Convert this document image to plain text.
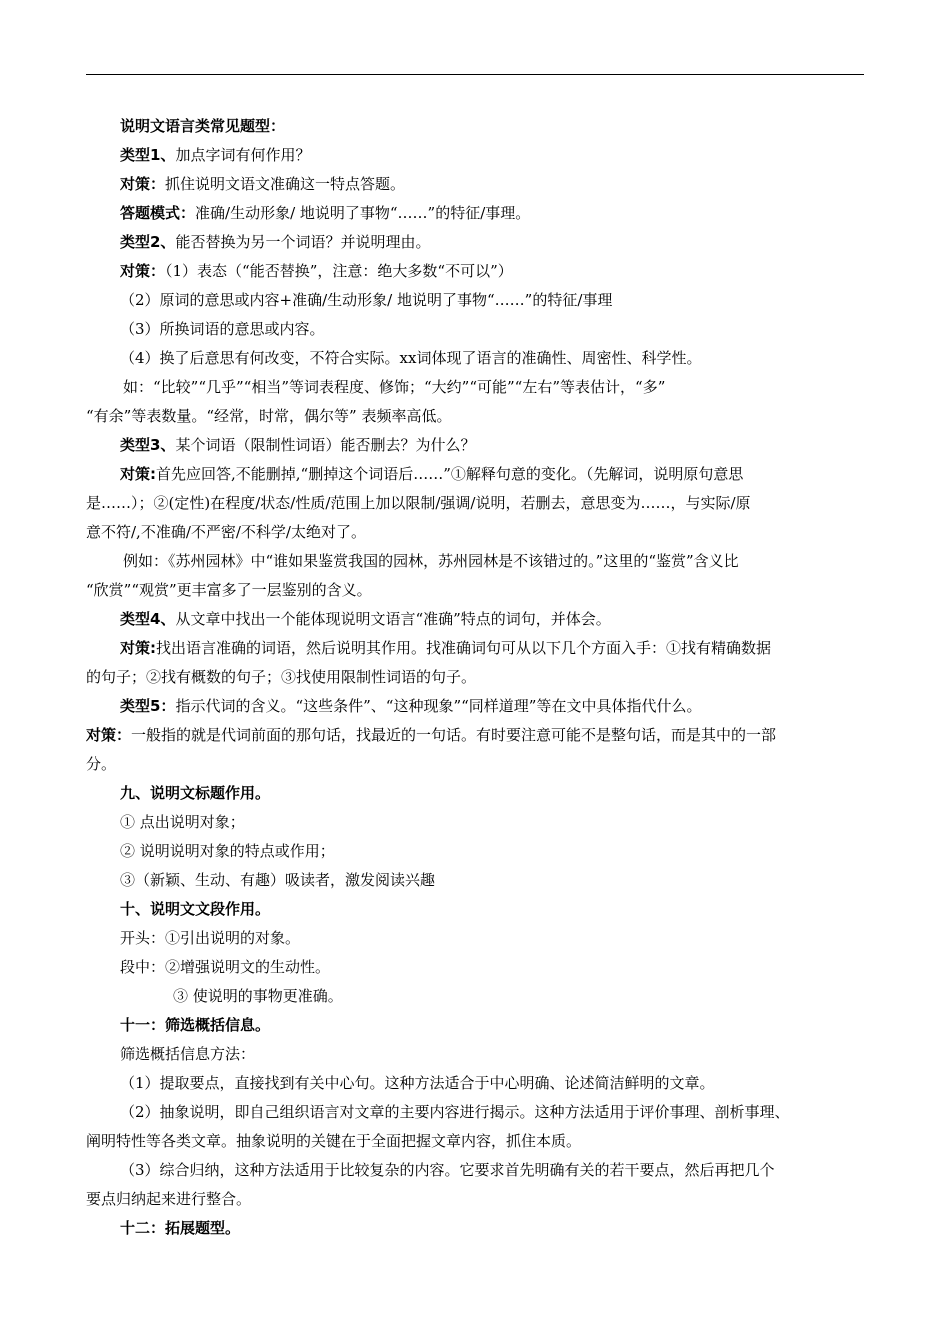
说明文语言类常见题型：
类型1、加点字词有何作用？
对策：抓住说明文语文准确这一特点答题。
答题模式：准确/生动形象/ 地说明了事物“……”的特征/事理。
类型2、能否替换为另一个词语？并说明理由。
对策：（1）表态（“能否替换”，注意：绝大多数“不可以”）
（2）原词的意思或内容+准确/生动形象/ 地说明了事物“……”的特征/事理
（3）所换词语的意思或内容。
（4）换了后意思有何改变，不符合实际。xx词体现了语言的准确性、周密性、科学性。
如：“比较”“几乎”“相当”等词表程度、修饰；“大约”“可能”“左右”等表估计，“多”
“有余”等表数量。“经常，时常，偶尔等” 表频率高低。
类型3、某个词语（限制性词语）能否删去？为什么？
对策:首先应回答,不能删掉,“删掉这个词语后……”①解释句意的变化。（先解词，说明原句意思
是……）；②(定性)在程度/状态/性质/范围上加以限制/强调/说明，若删去，意思变为……，与实际/原
意不符/,不准确/不严密/不科学/太绝对了。
例如：《苏州园林》中“谁如果鉴赏我国的园林，苏州园林是不该错过的。”这里的“鉴赏”含义比
“欣赏”“观赏”更丰富多了一层鉴别的含义。
类型4、从文章中找出一个能体现说明文语言“准确”特点的词句，并体会。
对策:找出语言准确的词语，然后说明其作用。找准确词句可从以下几个方面入手：①找有精确数据
的句子；②找有概数的句子；③找使用限制性词语的句子。
类型5：指示代词的含义。“这些条件”、“这种现象”“同样道理”等在文中具体指代什么。
对策：一般指的就是代词前面的那句话，找最近的一句话。有时要注意可能不是整句话，而是其中的一部
分。
九、说明文标题作用。
① 点出说明对象；
② 说明说明对象的特点或作用；
③（新颖、生动、有趣）吸读者，激发阅读兴趣
十、说明文文段作用。
开头：①引出说明的对象。
段中：②增强说明文的生动性。
③ 使说明的事物更准确。
十一：筛选概括信息。
筛选概括信息方法：
（1）提取要点，直接找到有关中心句。这种方法适合于中心明确、论述简洁鲜明的文章。
（2）抽象说明，即自己组织语言对文章的主要内容进行揭示。这种方法适用于评价事理、剖析事理、
阐明特性等各类文章。抽象说明的关键在于全面把握文章内容，抓住本质。
（3）综合归纳，这种方法适用于比较复杂的内容。它要求首先明确有关的若干要点，然后再把几个
要点归纳起来进行整合。
十二：拓展题型。
